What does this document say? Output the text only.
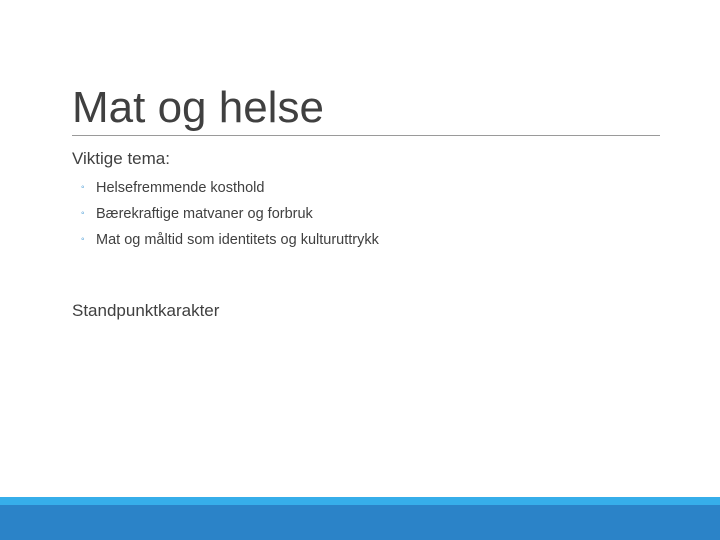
Mat og helse

Viktige tema:

◦ Helsefremmende kosthold
◦ Bærekraftige matvaner og forbruk
◦ Mat og måltid som identitets og kulturuttrykk

Standpunktkarakter
